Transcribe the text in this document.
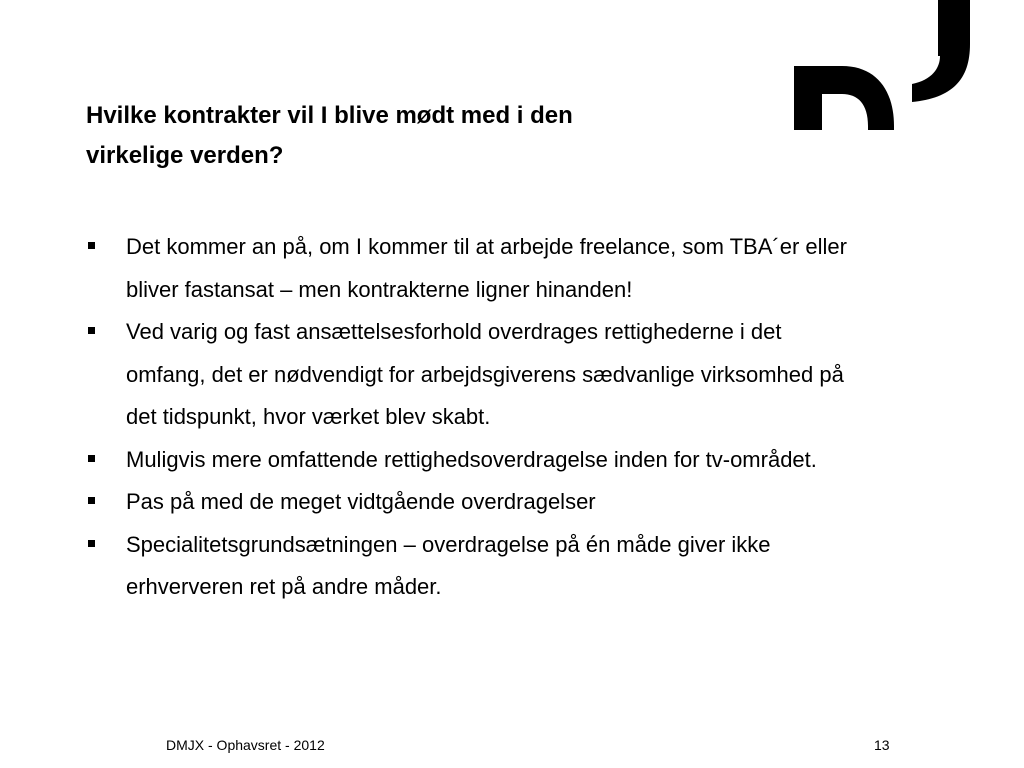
Hvilke kontrakter vil I blive mødt med i den
virkelige verden?
Det kommer an på, om I kommer til at arbejde freelance, som TBA´er eller
bliver fastansat – men kontrakterne ligner hinanden!
Ved varig og fast ansættelsesforhold overdrages rettighederne i det
omfang, det er nødvendigt for arbejdsgiverens sædvanlige virksomhed på
det tidspunkt, hvor værket blev skabt.
Muligvis mere omfattende rettighedsoverdragelse inden for tv-området.
Pas på med de meget vidtgående overdragelser
Specialitetsgrundsætningen – overdragelse på én måde giver ikke
erhververen ret på andre måder.
DMJX - Ophavsret - 2012	13
